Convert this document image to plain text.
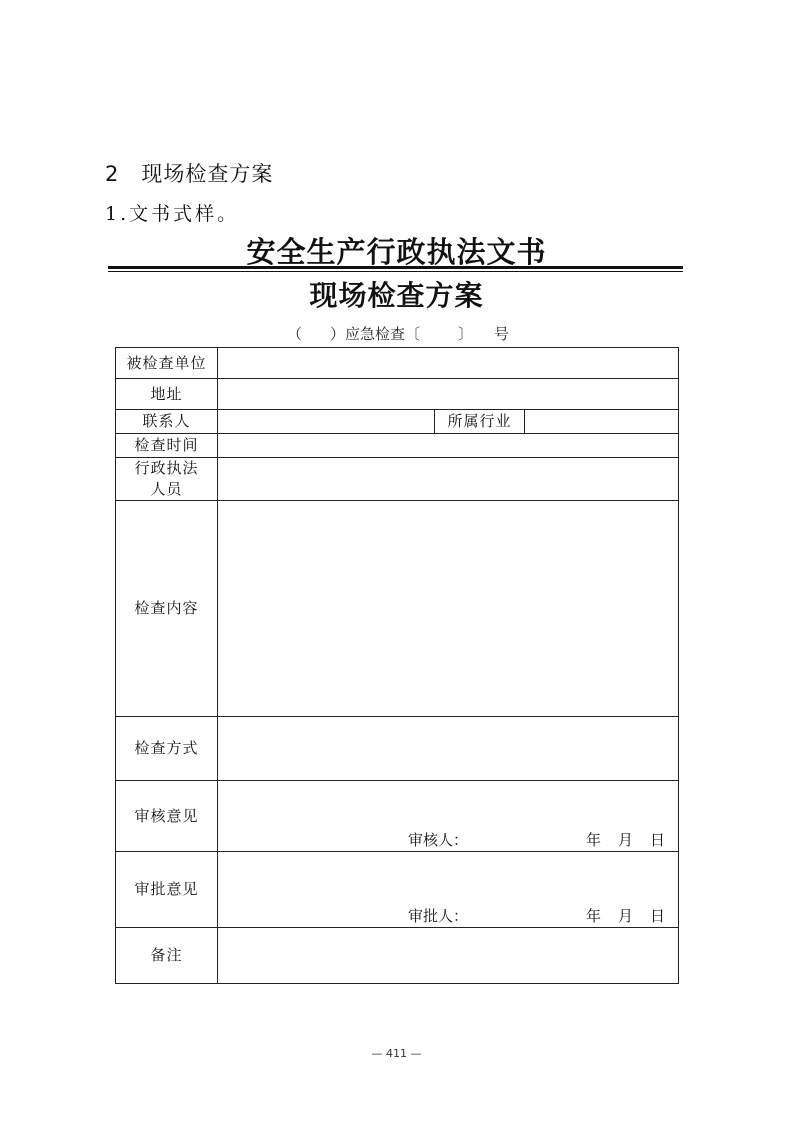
2 现场检查方案
1.文书式样。
安全生产行政执法文书
现场检查方案
（ ）应急检查〔	〕 号
被检查单位			
地址			
联系人		所属行业	
检查时间			
行政执法人员			
检查内容			
检查方式			
审核意见	审核人： 年 月 日		

审批意见	审批人： 年 月 日		

备注			
— 411 —
